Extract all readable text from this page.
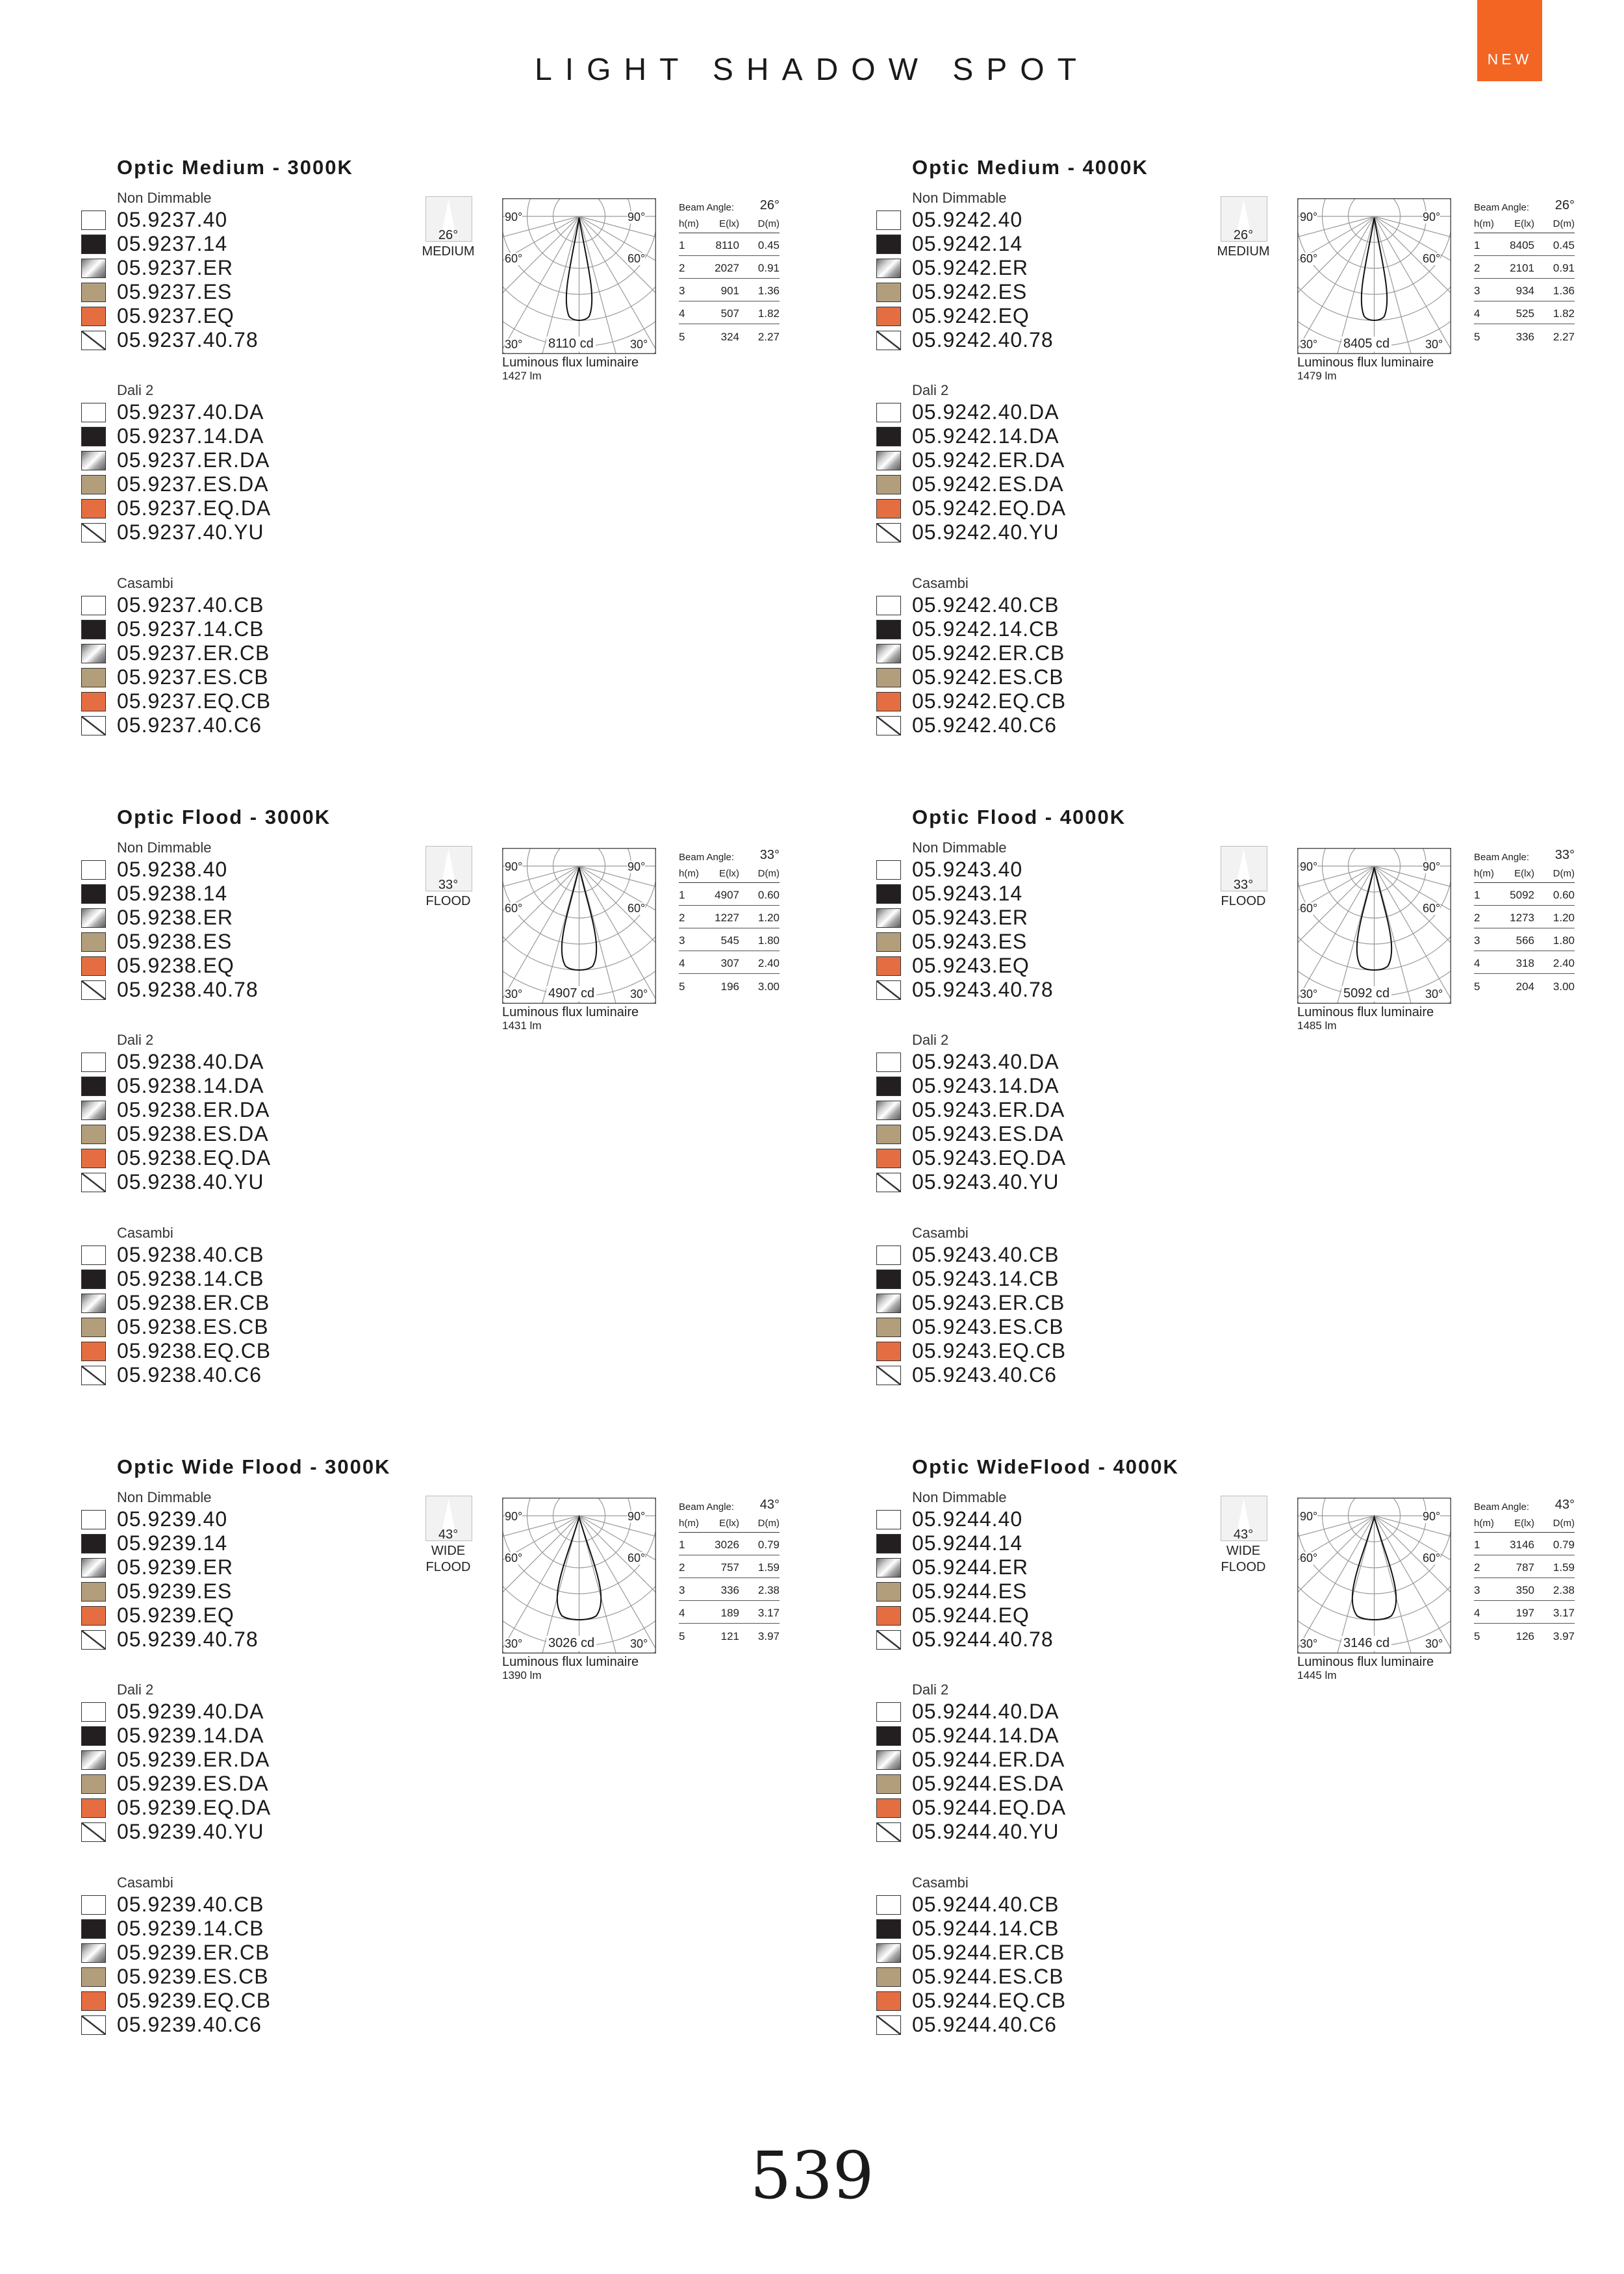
LIGHT SHADOW SPOT	NEW
Optic Medium - 3000K
Non Dimmable
05.9237.40
05.9237.14
05.9237.ER
05.9237.ES
05.9237.EQ
05.9237.40.78
Dali 2
05.9237.40.DA
05.9237.14.DA
05.9237.ER.DA
05.9237.ES.DA
05.9237.EQ.DA
05.9237.40.YU
Casambi
05.9237.40.CB
05.9237.14.CB
05.9237.ER.CB
05.9237.ES.CB
05.9237.EQ.CB
05.9237.40.C6
26°
MEDIUM
90°	90°
60°	60°
30°	30°
8110 cd
Luminous flux luminaire
1427 lm
Beam Angle: 26°
h(m) E(lx) D(m)
1	8110 0.45
2	2027 0.91
3	901 1.36
4	507 1.82
5	324 2.27
Optic Medium - 4000K
Non Dimmable
05.9242.40
05.9242.14
05.9242.ER
05.9242.ES
05.9242.EQ
05.9242.40.78
Dali 2
05.9242.40.DA
05.9242.14.DA
05.9242.ER.DA
05.9242.ES.DA
05.9242.EQ.DA
05.9242.40.YU
Casambi
05.9242.40.CB
05.9242.14.CB
05.9242.ER.CB
05.9242.ES.CB
05.9242.EQ.CB
05.9242.40.C6
26°
MEDIUM
90°	90°
60°	60°
30°	30°
8405 cd
Luminous flux luminaire
1479 lm
Beam Angle: 26°
h(m) E(lx) D(m)
1	8405 0.45
2	2101 0.91
3	934 1.36
4	525 1.82
5	336 2.27
Optic Flood - 3000K
Non Dimmable
05.9238.40
05.9238.14
05.9238.ER
05.9238.ES
05.9238.EQ
05.9238.40.78
Dali 2
05.9238.40.DA
05.9238.14.DA
05.9238.ER.DA
05.9238.ES.DA
05.9238.EQ.DA
05.9238.40.YU
Casambi
05.9238.40.CB
05.9238.14.CB
05.9238.ER.CB
05.9238.ES.CB
05.9238.EQ.CB
05.9238.40.C6
33°
FLOOD
90°	90°
60°	60°
30°	30°
4907 cd
Luminous flux luminaire
1431 lm
Beam Angle: 33°
h(m) E(lx) D(m)
1	4907 0.60
2	1227 1.20
3	545 1.80
4	307 2.40
5	196 3.00
Optic Flood - 4000K
Non Dimmable
05.9243.40
05.9243.14
05.9243.ER
05.9243.ES
05.9243.EQ
05.9243.40.78
Dali 2
05.9243.40.DA
05.9243.14.DA
05.9243.ER.DA
05.9243.ES.DA
05.9243.EQ.DA
05.9243.40.YU
Casambi
05.9243.40.CB
05.9243.14.CB
05.9243.ER.CB
05.9243.ES.CB
05.9243.EQ.CB
05.9243.40.C6
33°
FLOOD
90°	90°
60°	60°
30°	30°
5092 cd
Luminous flux luminaire
1485 lm
Beam Angle: 33°
h(m) E(lx) D(m)
1	5092 0.60
2	1273 1.20
3	566 1.80
4	318 2.40
5	204 3.00
Optic Wide Flood - 3000K
Non Dimmable
05.9239.40
05.9239.14
05.9239.ER
05.9239.ES
05.9239.EQ
05.9239.40.78
Dali 2
05.9239.40.DA
05.9239.14.DA
05.9239.ER.DA
05.9239.ES.DA
05.9239.EQ.DA
05.9239.40.YU
Casambi
05.9239.40.CB
05.9239.14.CB
05.9239.ER.CB
05.9239.ES.CB
05.9239.EQ.CB
05.9239.40.C6
43°
WIDE
FLOOD
90°	90°
60°	60°
30°	30°
3026 cd
Luminous flux luminaire
1390 lm
Beam Angle: 43°
h(m) E(lx) D(m)
1	3026 0.79
2	757 1.59
3	336 2.38
4	189 3.17
5	121 3.97
Optic WideFlood - 4000K
Non Dimmable
05.9244.40
05.9244.14
05.9244.ER
05.9244.ES
05.9244.EQ
05.9244.40.78
Dali 2
05.9244.40.DA
05.9244.14.DA
05.9244.ER.DA
05.9244.ES.DA
05.9244.EQ.DA
05.9244.40.YU
Casambi
05.9244.40.CB
05.9244.14.CB
05.9244.ER.CB
05.9244.ES.CB
05.9244.EQ.CB
05.9244.40.C6
43°
WIDE
FLOOD
90°	90°
60°	60°
30°	30°
3146 cd
Luminous flux luminaire
1445 lm
Beam Angle: 43°
h(m) E(lx) D(m)
1	3146 0.79
2	787 1.59
3	350 2.38
4	197 3.17
5	126 3.97
539
